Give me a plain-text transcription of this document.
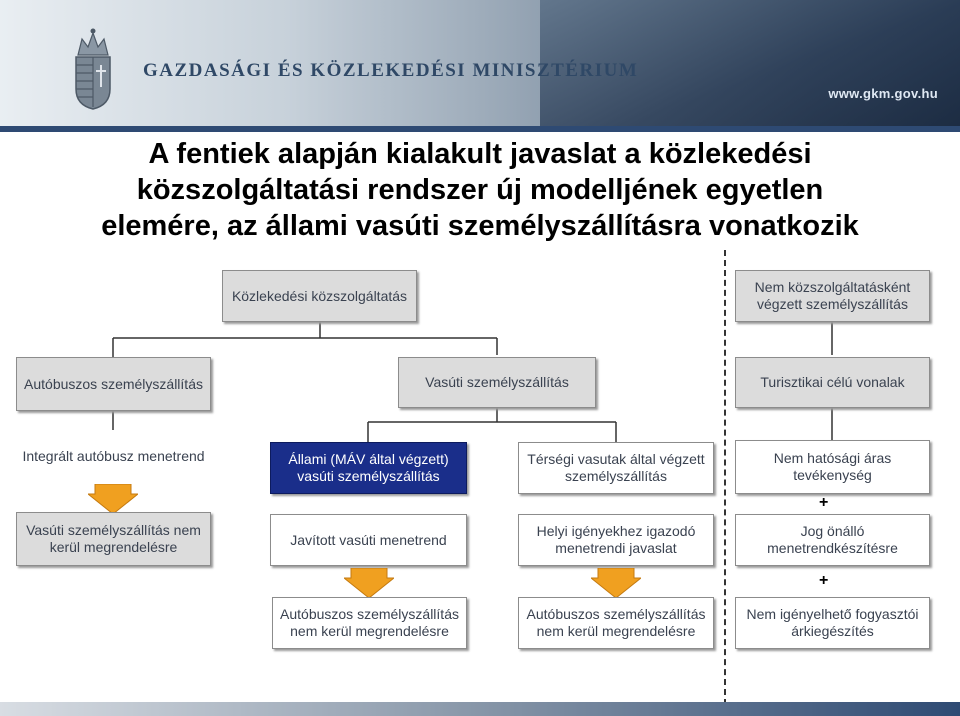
GAZDASÁGI ÉS KÖZLEKEDÉSI MINISZTÉRIUM
www.gkm.gov.hu
A fentiek alapján kialakult javaslat a közlekedési
közszolgáltatási rendszer új modelljének egyetlen
elemére, az állami vasúti személyszállításra vonatkozik
Közlekedési közszolgáltatás
Nem közszolgáltatásként végzett személyszállítás
Autóbuszos személyszállítás	Vasúti személyszállítás	Turisztikai célú vonalak
Integrált autóbusz menetrend	Állami (MÁV által végzett) vasúti személyszállítás
Térségi vasutak által végzett személyszállítás
Nem hatósági áras tevékenység
+
Vasúti személyszállítás nem kerül megrendelésre	Javított vasúti menetrend
Helyi igényekhez igazodó menetrendi javaslat
Jog önálló menetrendkészítésre
+
Autóbuszos személyszállítás nem kerül megrendelésre
Autóbuszos személyszállítás nem kerül megrendelésre
Nem igényelhető fogyasztói árkiegészítés
